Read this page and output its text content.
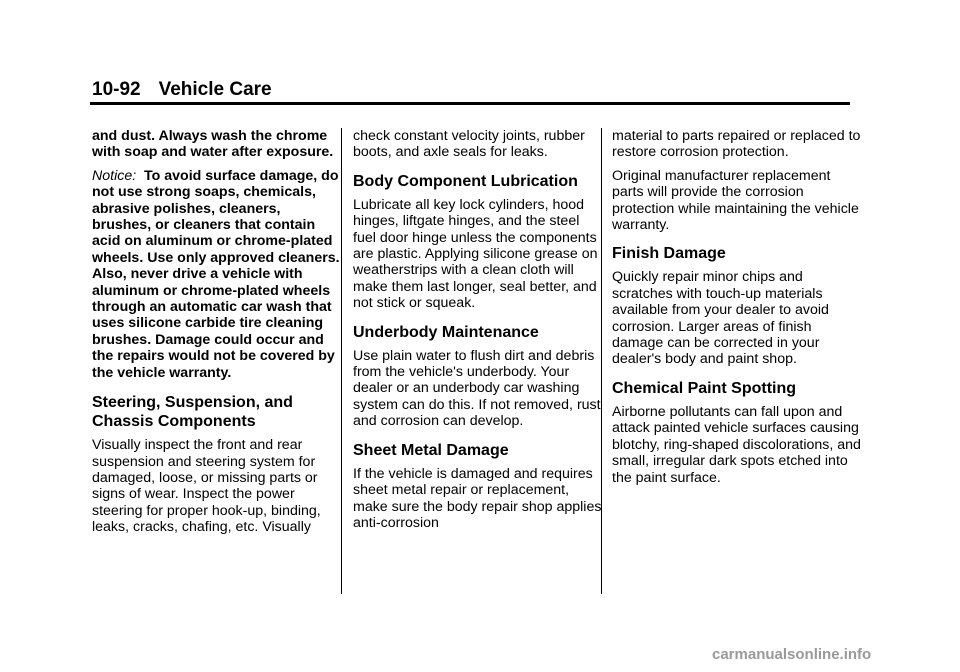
10-92 Vehicle Care

and dust. Always wash the chrome with soap and water after exposure.

Notice: To avoid surface damage, do not use strong soaps, chemicals, abrasive polishes, cleaners, brushes, or cleaners that contain acid on aluminum or chrome-plated wheels. Use only approved cleaners. Also, never drive a vehicle with aluminum or chrome-plated wheels through an automatic car wash that uses silicone carbide tire cleaning brushes. Damage could occur and the repairs would not be covered by the vehicle warranty.

Steering, Suspension, and Chassis Components

Visually inspect the front and rear suspension and steering system for damaged, loose, or missing parts or signs of wear. Inspect the power steering for proper hook-up, binding, leaks, cracks, chafing, etc. Visually

check constant velocity joints, rubber boots, and axle seals for leaks.

Body Component Lubrication

Lubricate all key lock cylinders, hood hinges, liftgate hinges, and the steel fuel door hinge unless the components are plastic. Applying silicone grease on weatherstrips with a clean cloth will make them last longer, seal better, and not stick or squeak.

Underbody Maintenance

Use plain water to flush dirt and debris from the vehicle's underbody. Your dealer or an underbody car washing system can do this. If not removed, rust and corrosion can develop.

Sheet Metal Damage

If the vehicle is damaged and requires sheet metal repair or replacement, make sure the body repair shop applies anti-corrosion

material to parts repaired or replaced to restore corrosion protection.

Original manufacturer replacement parts will provide the corrosion protection while maintaining the vehicle warranty.

Finish Damage

Quickly repair minor chips and scratches with touch-up materials available from your dealer to avoid corrosion. Larger areas of finish damage can be corrected in your dealer's body and paint shop.

Chemical Paint Spotting

Airborne pollutants can fall upon and attack painted vehicle surfaces causing blotchy, ring-shaped discolorations, and small, irregular dark spots etched into the paint surface.

carmanualsonline.info
